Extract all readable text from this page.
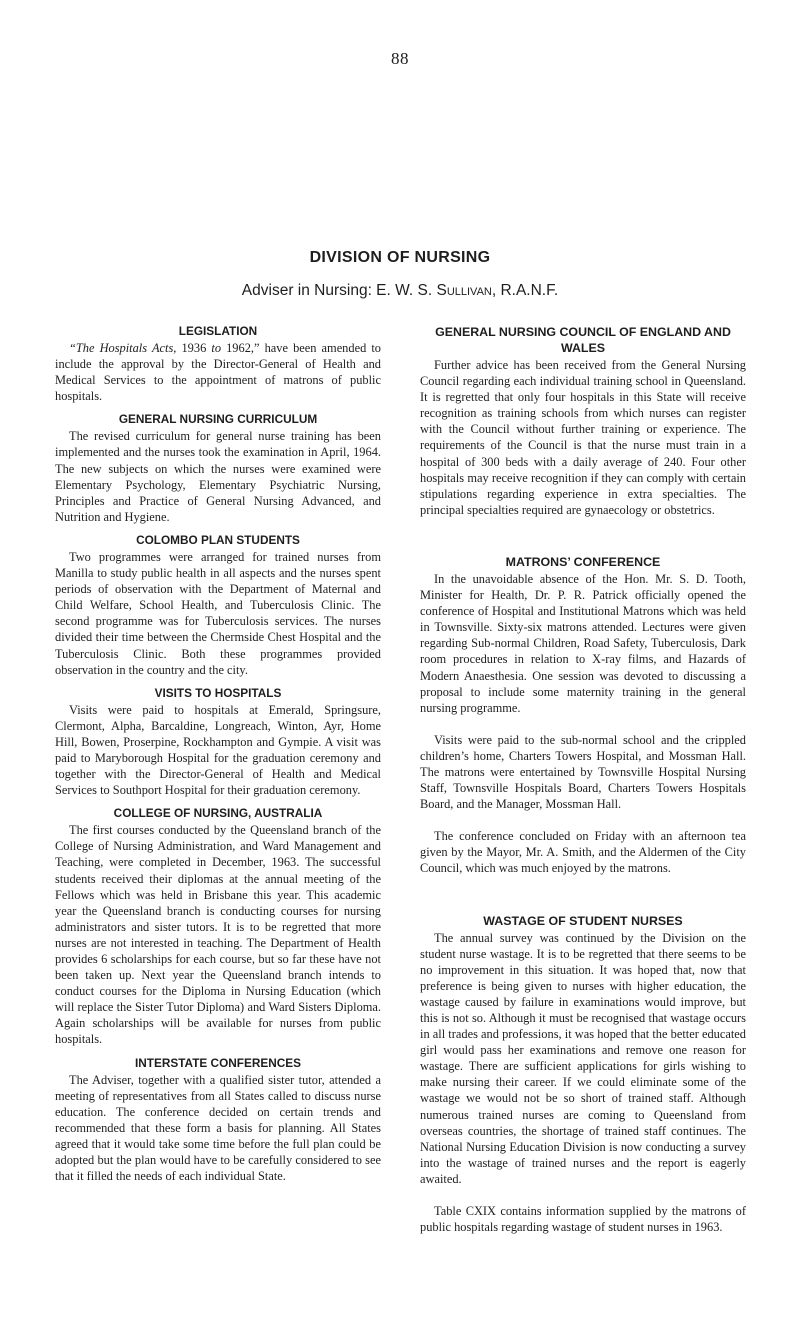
88
DIVISION OF NURSING
Adviser in Nursing: E. W. S. Sullivan, R.A.N.F.
LEGISLATION

“The Hospitals Acts, 1936 to 1962,” have been amended to include the approval by the Director-General of Health and Medical Services to the appointment of matrons of public hospitals.

GENERAL NURSING CURRICULUM

The revised curriculum for general nurse training has been implemented and the nurses took the examination in April, 1964. The new subjects on which the nurses were examined were Elementary Psychology, Elementary Psychiatric Nursing, Principles and Practice of General Nursing Advanced, and Nutrition and Hygiene.

COLOMBO PLAN STUDENTS

Two programmes were arranged for trained nurses from Manilla to study public health in all aspects and the nurses spent periods of observation with the Department of Maternal and Child Welfare, School Health, and Tuberculosis Clinic. The second programme was for Tuberculosis services. The nurses divided their time between the Chermside Chest Hospital and the Tuberculosis Clinic. Both these programmes provided observation in the country and the city.

VISITS TO HOSPITALS

Visits were paid to hospitals at Emerald, Springsure, Clermont, Alpha, Barcaldine, Longreach, Winton, Ayr, Home Hill, Bowen, Proserpine, Rockhampton and Gympie. A visit was paid to Maryborough Hospital for the graduation ceremony and together with the Director-General of Health and Medical Services to Southport Hospital for their graduation ceremony.

COLLEGE OF NURSING, AUSTRALIA

The first courses conducted by the Queensland branch of the College of Nursing Administration, and Ward Management and Teaching, were completed in December, 1963. The successful students received their diplomas at the annual meeting of the Fellows which was held in Brisbane this year. This academic year the Queensland branch is conducting courses for nursing administrators and sister tutors. It is to be regretted that more nurses are not interested in teaching. The Department of Health provides 6 scholarships for each course, but so far these have not been taken up. Next year the Queensland branch intends to conduct courses for the Diploma in Nursing Education (which will replace the Sister Tutor Diploma) and Ward Sisters Diploma. Again scholarships will be available for nurses from public hospitals.

INTERSTATE CONFERENCES

The Adviser, together with a qualified sister tutor, attended a meeting of representatives from all States called to discuss nurse education. The conference decided on certain trends and recommended that these form a basis for planning. All States agreed that it would take some time before the full plan could be adopted but the plan would have to be carefully considered to see that it filled the needs of each individual State.

GENERAL NURSING COUNCIL OF ENGLAND AND WALES

Further advice has been received from the General Nursing Council regarding each individual training school in Queensland. It is regretted that only four hospitals in this State will receive recognition as training schools from which nurses can register with the Council without further training or experience. The requirements of the Council is that the nurse must train in a hospital of 300 beds with a daily average of 240. Four other hospitals may receive recognition if they can comply with certain stipulations regarding experience in extra specialties. The principal specialties required are gynaecology or obstetrics.

MATRONS’ CONFERENCE

In the unavoidable absence of the Hon. Mr. S. D. Tooth, Minister for Health, Dr. P. R. Patrick officially opened the conference of Hospital and Institutional Matrons which was held in Townsville. Sixty-six matrons attended. Lectures were given regarding Sub-normal Children, Road Safety, Tuberculosis, Dark room procedures in relation to X-ray films, and Hazards of Modern Anaesthesia. One session was devoted to discussing a proposal to include some maternity training in the general nursing programme.

Visits were paid to the sub-normal school and the crippled children’s home, Charters Towers Hospital, and Mossman Hall. The matrons were entertained by Townsville Hospital Nursing Staff, Townsville Hospitals Board, Charters Towers Hospitals Board, and the Manager, Mossman Hall.

The conference concluded on Friday with an afternoon tea given by the Mayor, Mr. A. Smith, and the Aldermen of the City Council, which was much enjoyed by the matrons.

WASTAGE OF STUDENT NURSES

The annual survey was continued by the Division on the student nurse wastage. It is to be regretted that there seems to be no improvement in this situation. It was hoped that, now that preference is being given to nurses with higher education, the wastage caused by failure in examinations would improve, but this is not so. Although it must be recognised that wastage occurs in all trades and professions, it was hoped that the better educated girl would pass her examinations and remove one reason for wastage. There are sufficient applications for girls wishing to make nursing their career. If we could eliminate some of the wastage we would not be so short of trained staff. Although numerous trained nurses are coming to Queensland from overseas countries, the shortage of trained staff continues. The National Nursing Education Division is now conducting a survey into the wastage of trained nurses and the report is eagerly awaited.

Table CXIX contains information supplied by the matrons of public hospitals regarding wastage of student nurses in 1963.
